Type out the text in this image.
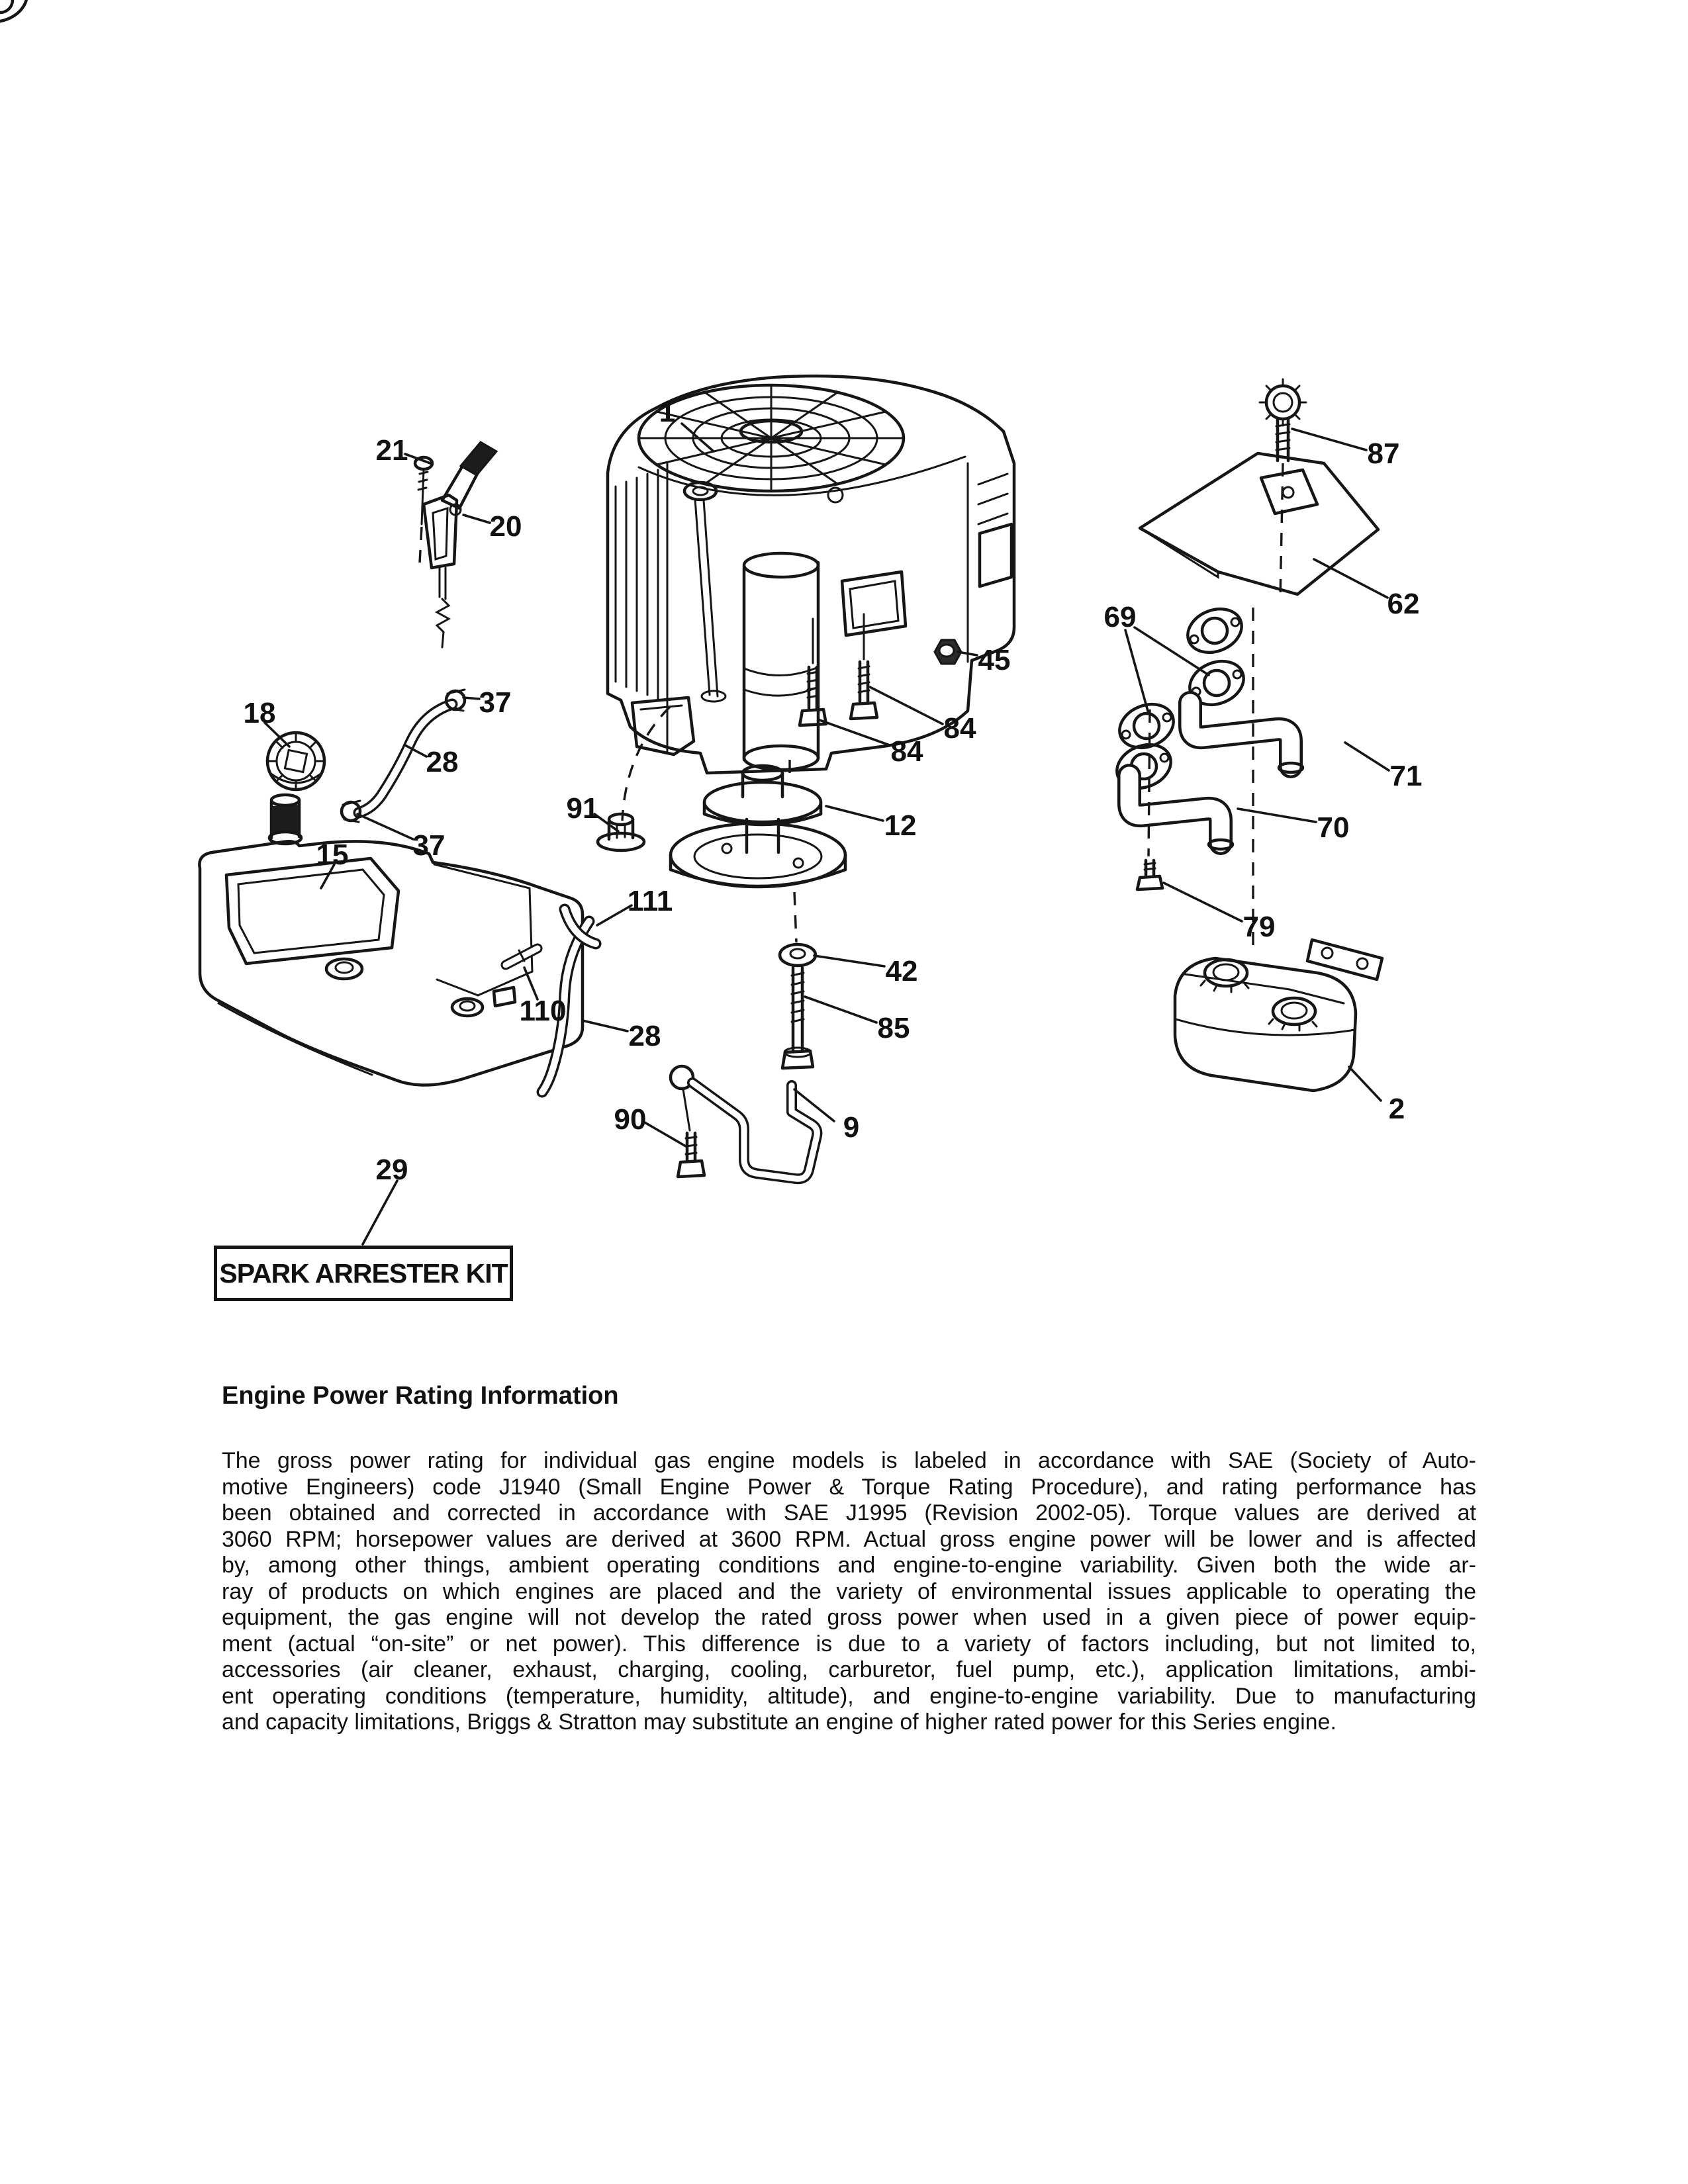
1
21
20
87
62
69
71
70
79
2
45
84
84
18	37
28
37
15
91
12
111
110
28
42
85
90	9
29
SPARK ARRESTER KIT
Engine Power Rating Information
The gross power rating for individual gas engine models is labeled in accordance with SAE (Society of Auto-
motive Engineers) code J1940 (Small Engine Power & Torque Rating Procedure), and rating performance has
been obtained and corrected in accordance with SAE J1995 (Revision 2002-05). Torque values are derived at
3060 RPM; horsepower values are derived at 3600 RPM. Actual gross engine power will be lower and is affected
by, among other things, ambient operating conditions and engine-to-engine variability. Given both the wide ar-
ray of products on which engines are placed and the variety of environmental issues applicable to operating the
equipment, the gas engine will not develop the rated gross power when used in a given piece of power equip-
ment (actual “on-site” or net power). This difference is due to a variety of factors including, but not limited to,
accessories (air cleaner, exhaust, charging, cooling, carburetor, fuel pump, etc.), application limitations, ambi-
ent operating conditions (temperature, humidity, altitude), and engine-to-engine variability. Due to manufacturing
and capacity limitations, Briggs & Stratton may substitute an engine of higher rated power for this Series engine.
